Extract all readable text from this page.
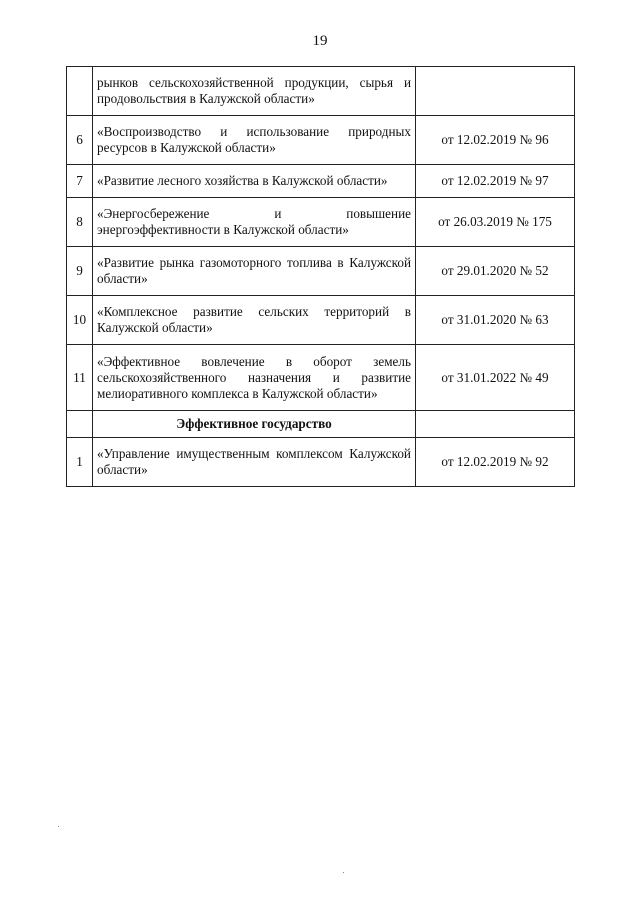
19
	рынков сельскохозяйственной продукции, сырья и продовольствия в Калужской области»	
6	«Воспроизводство и использование природных ресурсов в Калужской области»	от 12.02.2019 № 96
7	«Развитие лесного хозяйства в Калужской области»	от 12.02.2019 № 97
8	«Энергосбережение и повышение энергоэффективности в Калужской области»	от 26.03.2019 № 175
9	«Развитие рынка газомоторного топлива в Калужской области»	от 29.01.2020 № 52
10	«Комплексное развитие сельских территорий в Калужской области»	от 31.01.2020 № 63
11	«Эффективное вовлечение в оборот земель сельскохозяйственного назначения и развитие мелиоративного комплекса в Калужской области»	от 31.01.2022 № 49
	Эффективное государство	
1	«Управление имущественным комплексом Калужской области»	от 12.02.2019 № 92
